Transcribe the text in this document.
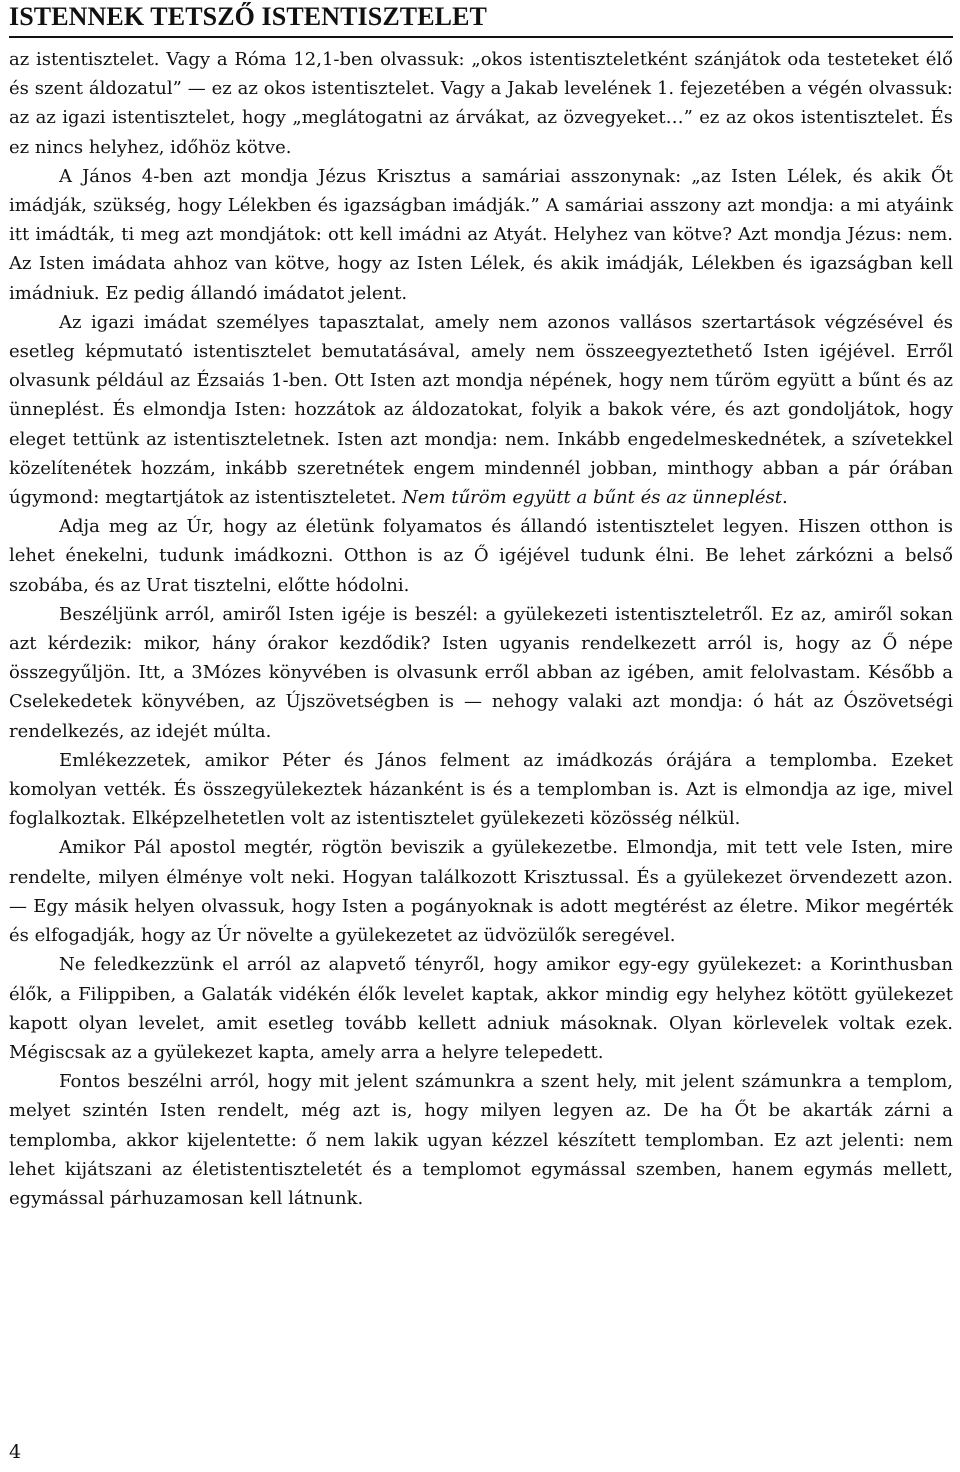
ISTENNEK TETSZŐ ISTENTISZTELET

az istentisztelet. Vagy a Róma 12,1-ben olvassuk: „okos istentiszteletként szánjátok oda testeteket élő és szent áldozatul” — ez az okos istentisztelet. Vagy a Jakab levelének 1. fejezetében a végén olvassuk: az az igazi istentisztelet, hogy „meglátogatni az árvákat, az özvegyeket…” ez az okos istentisztelet. És ez nincs helyhez, időhöz kötve.

A János 4-ben azt mondja Jézus Krisztus a samáriai asszonynak: „az Isten Lélek, és akik Őt imádják, szükség, hogy Lélekben és igazságban imádják.” A samáriai asszony azt mondja: a mi atyáink itt imádták, ti meg azt mondjátok: ott kell imádni az Atyát. Helyhez van kötve? Azt mondja Jézus: nem. Az Isten imádata ahhoz van kötve, hogy az Isten Lélek, és akik imádják, Lélekben és igazságban kell imádniuk. Ez pedig állandó imádatot jelent.

Az igazi imádat személyes tapasztalat, amely nem azonos vallásos szertartások végzésével és esetleg képmutató istentisztelet bemutatásával, amely nem összeegyeztethető Isten igéjével. Erről olvasunk például az Ézsaiás 1-ben. Ott Isten azt mondja népének, hogy nem tűröm együtt a bűnt és az ünneplést. És elmondja Isten: hozzátok az áldozatokat, folyik a bakok vére, és azt gondoljátok, hogy eleget tettünk az istentiszteletnek. Isten azt mondja: nem. Inkább engedelmeskednétek, a szívetekkel közelítenétek hozzám, inkább szeretnétek engem mindennél jobban, minthogy abban a pár órában úgymond: megtartjátok az istentiszteletet. Nem tűröm együtt a bűnt és az ünneplést.

Adja meg az Úr, hogy az életünk folyamatos és állandó istentisztelet legyen. Hiszen otthon is lehet énekelni, tudunk imádkozni. Otthon is az Ő igéjével tudunk élni. Be lehet zárkózni a belső szobába, és az Urat tisztelni, előtte hódolni.

Beszéljünk arról, amiről Isten igéje is beszél: a gyülekezeti istentiszteletről. Ez az, amiről sokan azt kérdezik: mikor, hány órakor kezdődik? Isten ugyanis rendelkezett arról is, hogy az Ő népe összegyűljön. Itt, a 3Mózes könyvében is olvasunk erről abban az igében, amit felolvastam. Később a Cselekedetek könyvében, az Újszövetségben is — nehogy valaki azt mondja: ó hát az Ószövetségi rendelkezés, az idejét múlta.

Emlékezzetek, amikor Péter és János felment az imádkozás órájára a templomba. Ezeket komolyan vették. És összegyülekeztek házanként is és a templomban is. Azt is elmondja az ige, mivel foglalkoztak. Elképzelhetetlen volt az istentisztelet gyülekezeti közösség nélkül.

Amikor Pál apostol megtér, rögtön beviszik a gyülekezetbe. Elmondja, mit tett vele Isten, mire rendelte, milyen élménye volt neki. Hogyan találkozott Krisztussal. És a gyülekezet örvendezett azon. — Egy másik helyen olvassuk, hogy Isten a pogányoknak is adott megtérést az életre. Mikor megérték és elfogadják, hogy az Úr növelte a gyülekezetet az üdvözülők seregével.

Ne feledkezzünk el arról az alapvető tényről, hogy amikor egy-egy gyülekezet: a Korinthusban élők, a Filippiben, a Galaták vidékén élők levelet kaptak, akkor mindig egy helyhez kötött gyülekezet kapott olyan levelet, amit esetleg tovább kellett adniuk másoknak. Olyan körlevelek voltak ezek. Mégiscsak az a gyülekezet kapta, amely arra a helyre telepedett.

Fontos beszélni arról, hogy mit jelent számunkra a szent hely, mit jelent számunkra a templom, melyet szintén Isten rendelt, még azt is, hogy milyen legyen az. De ha Őt be akarták zárni a templomba, akkor kijelentette: ő nem lakik ugyan kézzel készített templomban. Ez azt jelenti: nem lehet kijátszani az életistentiszteletét és a templomot egymással szemben, hanem egymás mellett, egymással párhuzamosan kell látnunk.

4
